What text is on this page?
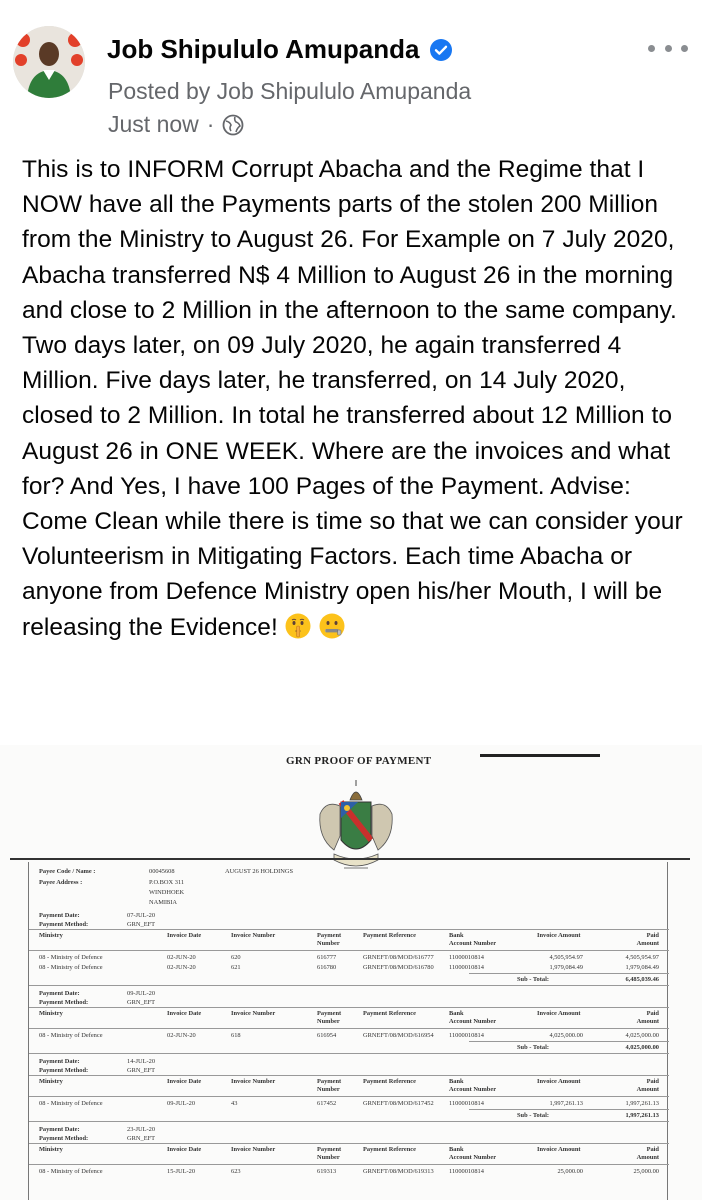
Job Shipululo Amupanda
Posted by Job Shipululo Amupanda
Just now ·
This is to INFORM Corrupt Abacha and the Regime that I NOW have all the Payments parts of the stolen 200 Million from the Ministry to August 26. For Example on 7 July 2020, Abacha transferred N$ 4 Million to August 26 in the morning and close to 2 Million in the afternoon to the same company. Two days later, on 09 July 2020, he again transferred 4 Million. Five days later, he transferred, on 14 July 2020, closed to 2 Million. In total he transferred about 12 Million to August 26 in ONE WEEK. Where are the invoices and what for? And Yes, I have 100 Pages of the Payment. Advise: Come Clean while there is time so that we can consider your Volunteerism in Mitigating Factors. Each time Abacha or anyone from Defence Ministry open his/her Mouth, I will be releasing the Evidence!
GRN PROOF OF PAYMENT
Payee Code / Name :	00045608	AUGUST 26 HOLDINGS
Payee Address :	P.O.BOX 311
WINDHOEK
NAMIBIA
Payment Date:	07-JUL-20
Payment Method:	GRN_EFT
Ministry	Invoice Date	Invoice Number	Payment
Number
Payment Reference	Bank
Account Number
Invoice Amount	Paid
Amount
08 - Ministry of Defence	02-JUN-20	620	616777	GRNEFT/08/MOD/616777 11000010814	4,505,954.97	4,505,954.97
08 - Ministry of Defence	02-JUN-20	621	616780	GRNEFT/08/MOD/616780 11000010814	1,979,084.49	1,979,084.49
Sub - Total:	6,485,039.46
Payment Date:	09-JUL-20
Payment Method:	GRN_EFT
Ministry	Invoice Date	Invoice Number	Payment
Number
Payment Reference	Bank
Account Number
Invoice Amount	Paid
Amount
08 - Ministry of Defence	02-JUN-20	618	616954	GRNEFT/08/MOD/616954 11000010814	4,025,000.00	4,025,000.00
Sub - Total:	4,025,000.00
Payment Date:	14-JUL-20
Payment Method:	GRN_EFT
Ministry	Invoice Date	Invoice Number	Payment
Number
Payment Reference	Bank
Account Number
Invoice Amount	Paid
Amount
08 - Ministry of Defence	09-JUL-20	43	617452	GRNEFT/08/MOD/617452 11000010814	1,997,261.13	1,997,261.13
Sub - Total:	1,997,261.13
Payment Date:	23-JUL-20
Payment Method:	GRN_EFT
Ministry	Invoice Date	Invoice Number	Payment
Number
Payment Reference	Bank
Account Number
Invoice Amount	Paid
Amount
08 - Ministry of Defence	15-JUL-20	623	619313	GRNEFT/08/MOD/619313 11000010814	25,000.00	25,000.00
